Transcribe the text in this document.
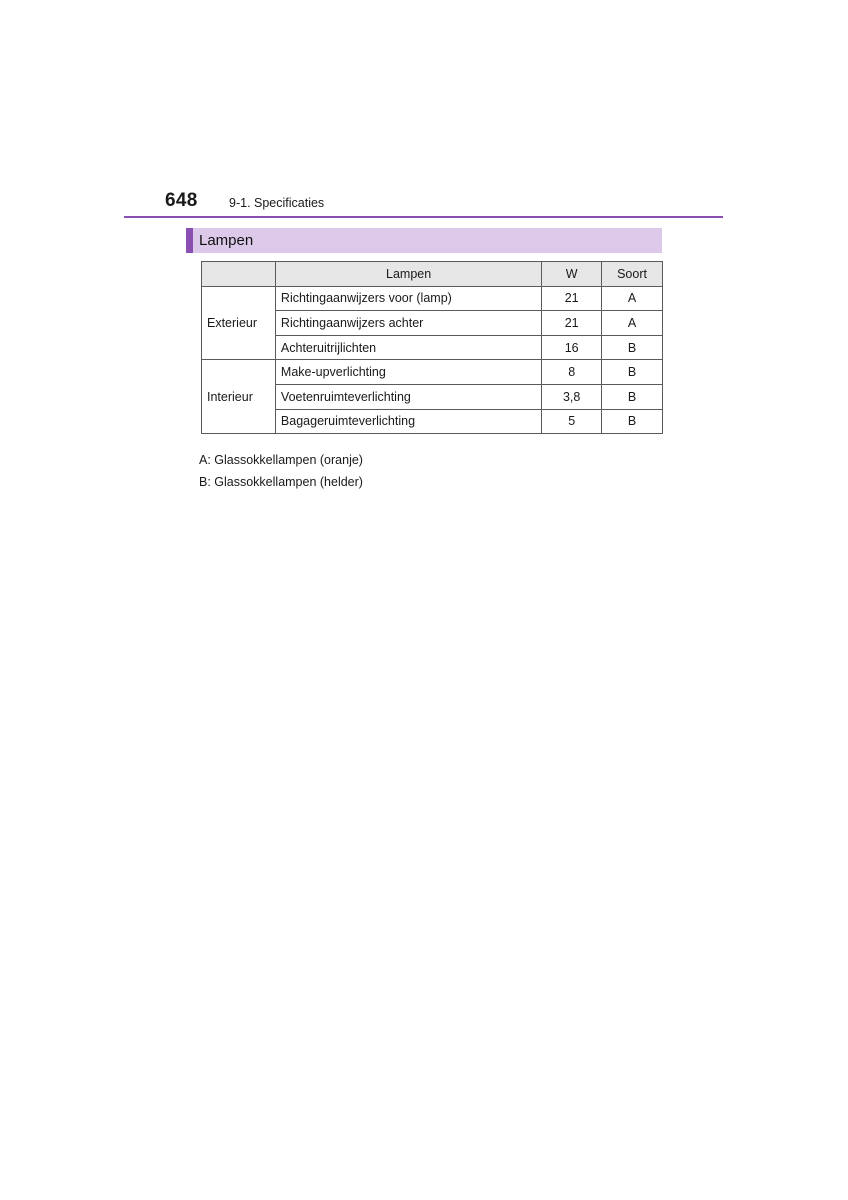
648	9-1. Specificaties
Lampen
	Lampen	W	Soort
Exterieur	Richtingaanwijzers voor (lamp)	21	A
	Richtingaanwijzers achter	21	A
	Achteruitrijlichten	16	B
Interieur	Make-upverlichting	8	B
	Voetenruimteverlichting	3,8	B
	Bagageruimteverlichting	5	B
A: Glassokkellampen (oranje)
B: Glassokkellampen (helder)
